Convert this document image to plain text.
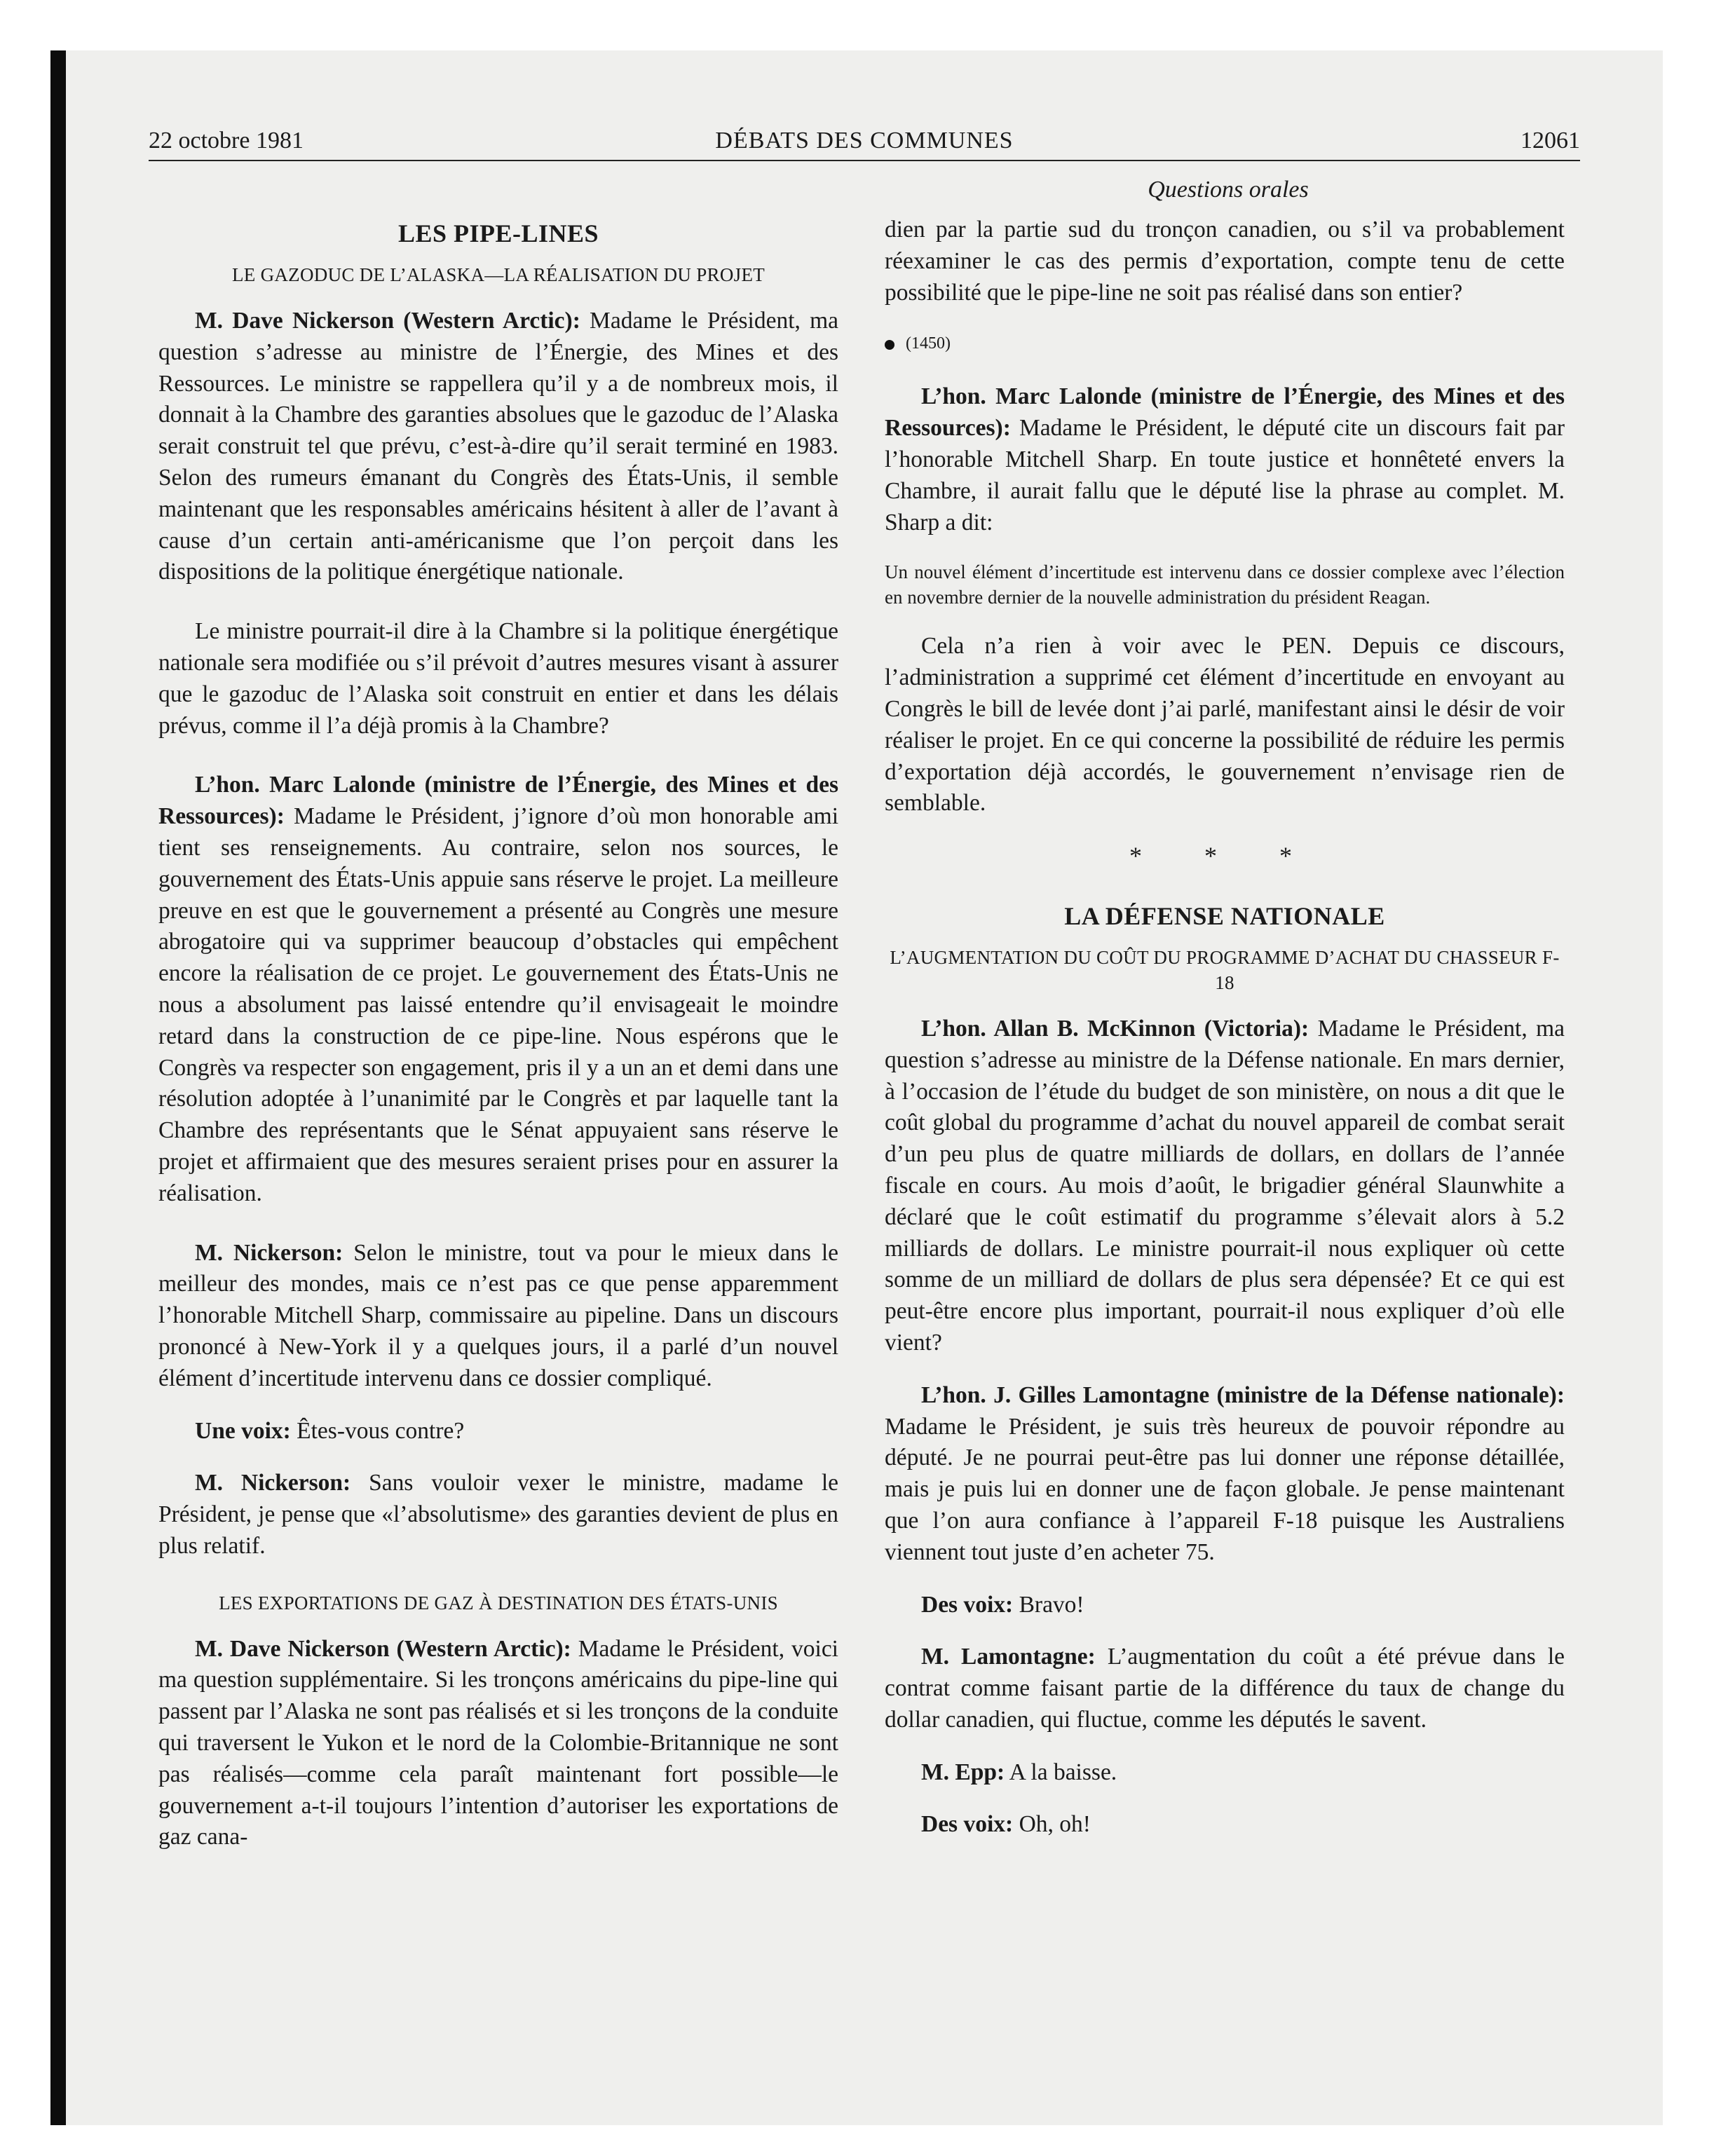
22 octobre 1981	DÉBATS DES COMMUNES	12061
Questions orales
LES PIPE-LINES
LE GAZODUC DE L’ALASKA—LA RÉALISATION DU PROJET

M. Dave Nickerson (Western Arctic): Madame le Président, ma question s’adresse au ministre de l’Énergie, des Mines et des Ressources. Le ministre se rappellera qu’il y a de nombreux mois, il donnait à la Chambre des garanties absolues que le gazoduc de l’Alaska serait construit tel que prévu, c’est-à-dire qu’il serait terminé en 1983. Selon des rumeurs émanant du Congrès des États-Unis, il semble maintenant que les responsables américains hésitent à aller de l’avant à cause d’un certain anti-américanisme que l’on perçoit dans les dispositions de la politique énergétique nationale.

Le ministre pourrait-il dire à la Chambre si la politique énergétique nationale sera modifiée ou s’il prévoit d’autres mesures visant à assurer que le gazoduc de l’Alaska soit construit en entier et dans les délais prévus, comme il l’a déjà promis à la Chambre?

L’hon. Marc Lalonde (ministre de l’Énergie, des Mines et des Ressources): Madame le Président, j’ignore d’où mon honorable ami tient ses renseignements. Au contraire, selon nos sources, le gouvernement des États-Unis appuie sans réserve le projet. La meilleure preuve en est que le gouvernement a présenté au Congrès une mesure abrogatoire qui va supprimer beaucoup d’obstacles qui empêchent encore la réalisation de ce projet. Le gouvernement des États-Unis ne nous a absolument pas laissé entendre qu’il envisageait le moindre retard dans la construction de ce pipe-line. Nous espérons que le Congrès va respecter son engagement, pris il y a un an et demi dans une résolution adoptée à l’unanimité par le Congrès et par laquelle tant la Chambre des représentants que le Sénat appuyaient sans réserve le projet et affirmaient que des mesures seraient prises pour en assurer la réalisation.

M. Nickerson: Selon le ministre, tout va pour le mieux dans le meilleur des mondes, mais ce n’est pas ce que pense apparemment l’honorable Mitchell Sharp, commissaire au pipeline. Dans un discours prononcé à New-York il y a quelques jours, il a parlé d’un nouvel élément d’incertitude intervenu dans ce dossier compliqué.

Une voix: Êtes-vous contre?

M. Nickerson: Sans vouloir vexer le ministre, madame le Président, je pense que «l’absolutisme» des garanties devient de plus en plus relatif.

LES EXPORTATIONS DE GAZ À DESTINATION DES ÉTATS-UNIS

M. Dave Nickerson (Western Arctic): Madame le Président, voici ma question supplémentaire. Si les tronçons américains du pipe-line qui passent par l’Alaska ne sont pas réalisés et si les tronçons de la conduite qui traversent le Yukon et le nord de la Colombie-Britannique ne sont pas réalisés—comme cela paraît maintenant fort possible—le gouvernement a-t-il toujours l’intention d’autoriser les exportations de gaz cana-

dien par la partie sud du tronçon canadien, ou s’il va probablement réexaminer le cas des permis d’exportation, compte tenu de cette possibilité que le pipe-line ne soit pas réalisé dans son entier?

(1450)

L’hon. Marc Lalonde (ministre de l’Énergie, des Mines et des Ressources): Madame le Président, le député cite un discours fait par l’honorable Mitchell Sharp. En toute justice et honnêteté envers la Chambre, il aurait fallu que le député lise la phrase au complet. M. Sharp a dit:

Un nouvel élément d’incertitude est intervenu dans ce dossier complexe avec l’élection en novembre dernier de la nouvelle administration du président Reagan.

Cela n’a rien à voir avec le PEN. Depuis ce discours, l’administration a supprimé cet élément d’incertitude en envoyant au Congrès le bill de levée dont j’ai parlé, manifestant ainsi le désir de voir réaliser le projet. En ce qui concerne la possibilité de réduire les permis d’exportation déjà accordés, le gouvernement n’envisage rien de semblable.

* * *
LA DÉFENSE NATIONALE
L’AUGMENTATION DU COÛT DU PROGRAMME D’ACHAT DU CHASSEUR F-18

L’hon. Allan B. McKinnon (Victoria): Madame le Président, ma question s’adresse au ministre de la Défense nationale. En mars dernier, à l’occasion de l’étude du budget de son ministère, on nous a dit que le coût global du programme d’achat du nouvel appareil de combat serait d’un peu plus de quatre milliards de dollars, en dollars de l’année fiscale en cours. Au mois d’août, le brigadier général Slaunwhite a déclaré que le coût estimatif du programme s’élevait alors à 5.2 milliards de dollars. Le ministre pourrait-il nous expliquer où cette somme de un milliard de dollars de plus sera dépensée? Et ce qui est peut-être encore plus important, pourrait-il nous expliquer d’où elle vient?

L’hon. J. Gilles Lamontagne (ministre de la Défense nationale): Madame le Président, je suis très heureux de pouvoir répondre au député. Je ne pourrai peut-être pas lui donner une réponse détaillée, mais je puis lui en donner une de façon globale. Je pense maintenant que l’on aura confiance à l’appareil F-18 puisque les Australiens viennent tout juste d’en acheter 75.

Des voix: Bravo!

M. Lamontagne: L’augmentation du coût a été prévue dans le contrat comme faisant partie de la différence du taux de change du dollar canadien, qui fluctue, comme les députés le savent.

M. Epp: A la baisse.

Des voix: Oh, oh!
